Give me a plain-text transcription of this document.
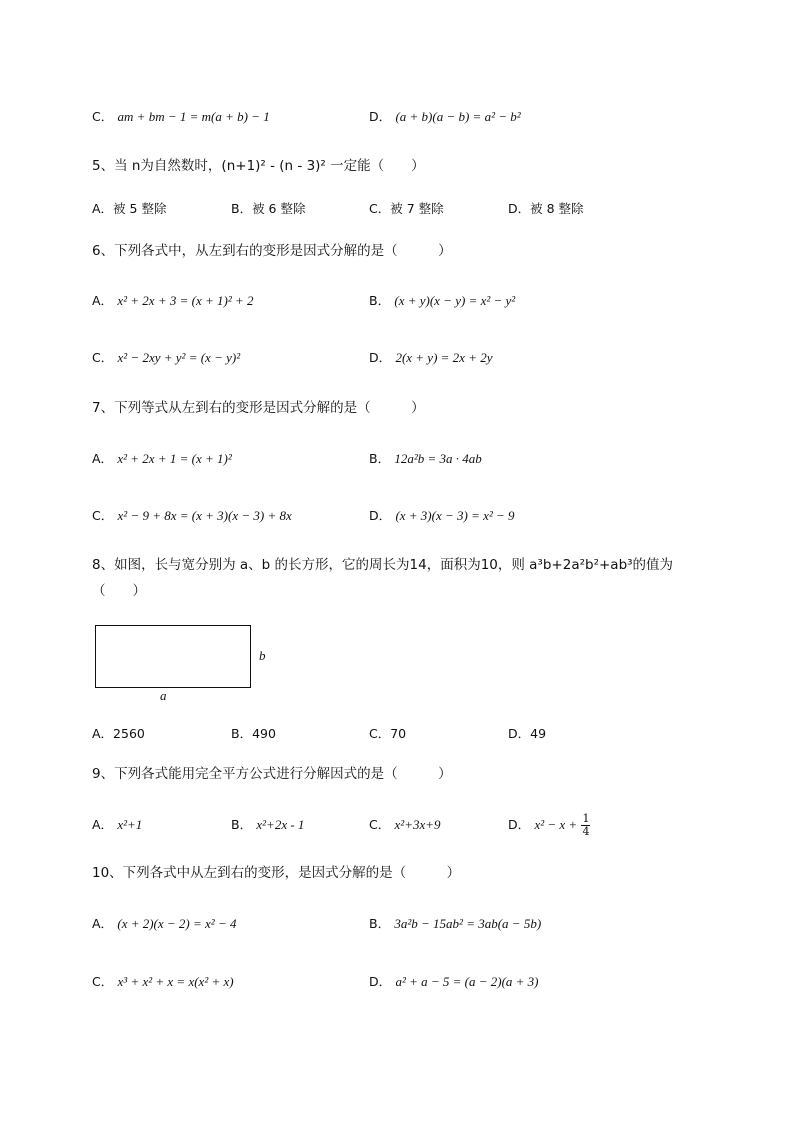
C． am + bm − 1 = m(a + b) − 1	D． (a + b)(a − b) = a² − b²
5、当 n为自然数时，(n+1)² - (n - 3)² 一定能（　　）
A．被 5 整除	B．被 6 整除	C．被 7 整除	D．被 8 整除
6、下列各式中，从左到右的变形是因式分解的是（　　　）
A． x² + 2x + 3 = (x + 1)² + 2	B． (x + y)(x − y) = x² − y²
C． x² − 2xy + y² = (x − y)²	D． 2(x + y) = 2x + 2y
7、下列等式从左到右的变形是因式分解的是（　　　）
A． x² + 2x + 1 = (x + 1)²	B． 12a²b = 3a · 4ab
C． x² − 9 + 8x = (x + 3)(x − 3) + 8x	D． (x + 3)(x − 3) = x² − 9
8、如图，长与宽分别为 a、b 的长方形，它的周长为14，面积为10，则 a³b+2a²b²+ab³的值为
（　　）
b
a
A．2560	B．490	C．70	D．49
9、下列各式能用完全平方公式进行分解因式的是（　　　）
A． x²+1	B． x²+2x - 1	C． x²+3x+9	D． $x^2 - x + \frac{1}{4}$
10、下列各式中从左到右的变形，是因式分解的是（　　　）
A． (x + 2)(x − 2) = x² − 4	B． 3a²b − 15ab² = 3ab(a − 5b)
C． x³ + x² + x = x(x² + x)	D． a² + a − 5 = (a − 2)(a + 3)
